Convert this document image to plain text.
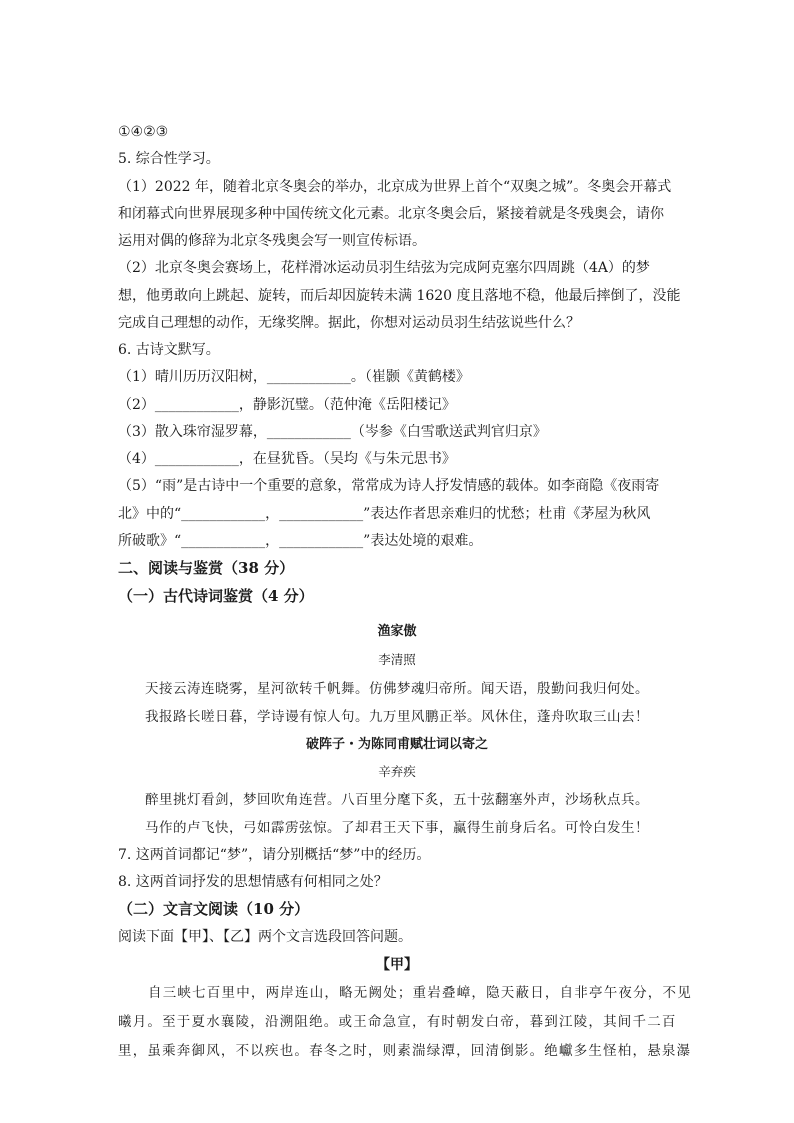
①④②③
5. 综合性学习。
（1）2022 年，随着北京冬奥会的举办，北京成为世界上首个“双奥之城”。冬奥会开幕式
和闭幕式向世界展现多种中国传统文化元素。北京冬奥会后，紧接着就是冬残奥会，请你
运用对偶的修辞为北京冬残奥会写一则宣传标语。
（2）北京冬奥会赛场上，花样滑冰运动员羽生结弦为完成阿克塞尔四周跳（4A）的梦
想，他勇敢向上跳起、旋转，而后却因旋转未满 1620 度且落地不稳，他最后摔倒了，没能
完成自己理想的动作，无缘奖牌。据此，你想对运动员羽生结弦说些什么？
6. 古诗文默写。
（1）晴川历历汉阳树，____________。（崔颢《黄鹤楼》
（2）____________，静影沉璧。（范仲淹《岳阳楼记》
（3）散入珠帘湿罗幕，____________（岑参《白雪歌送武判官归京》
（4）____________，在昼犹昏。（吴均《与朱元思书》
（5）“雨”是古诗中一个重要的意象，常常成为诗人抒发情感的载体。如李商隐《夜雨寄
北》中的“____________，____________”表达作者思亲难归的忧愁；杜甫《茅屋为秋风
所破歌》“____________，____________”表达处境的艰难。
二、阅读与鉴赏（38 分）
（一）古代诗词鉴赏（4 分）
渔家傲
李清照
天接云涛连晓雾，星河欲转千帆舞。仿佛梦魂归帝所。闻天语，殷勤问我归何处。
我报路长嗟日暮，学诗谩有惊人句。九万里风鹏正举。风休住，蓬舟吹取三山去！
破阵子・为陈同甫赋壮词以寄之
辛弃疾
醉里挑灯看剑，梦回吹角连营。八百里分麾下炙，五十弦翻塞外声，沙场秋点兵。
马作的卢飞快，弓如霹雳弦惊。了却君王天下事，赢得生前身后名。可怜白发生！
7. 这两首词都记“梦”，请分别概括“梦”中的经历。
8. 这两首词抒发的思想情感有何相同之处？
（二）文言文阅读（10 分）
阅读下面【甲】、【乙】两个文言选段回答问题。
【甲】
自三峡七百里中，两岸连山，略无阙处；重岩叠嶂，隐天蔽日，自非亭午夜分，不见
曦月。至于夏水襄陵，沿溯阻绝。或王命急宣，有时朝发白帝，暮到江陵，其间千二百
里，虽乘奔御风，不以疾也。春冬之时，则素湍绿潭，回清倒影。绝巘多生怪柏，悬泉瀑
